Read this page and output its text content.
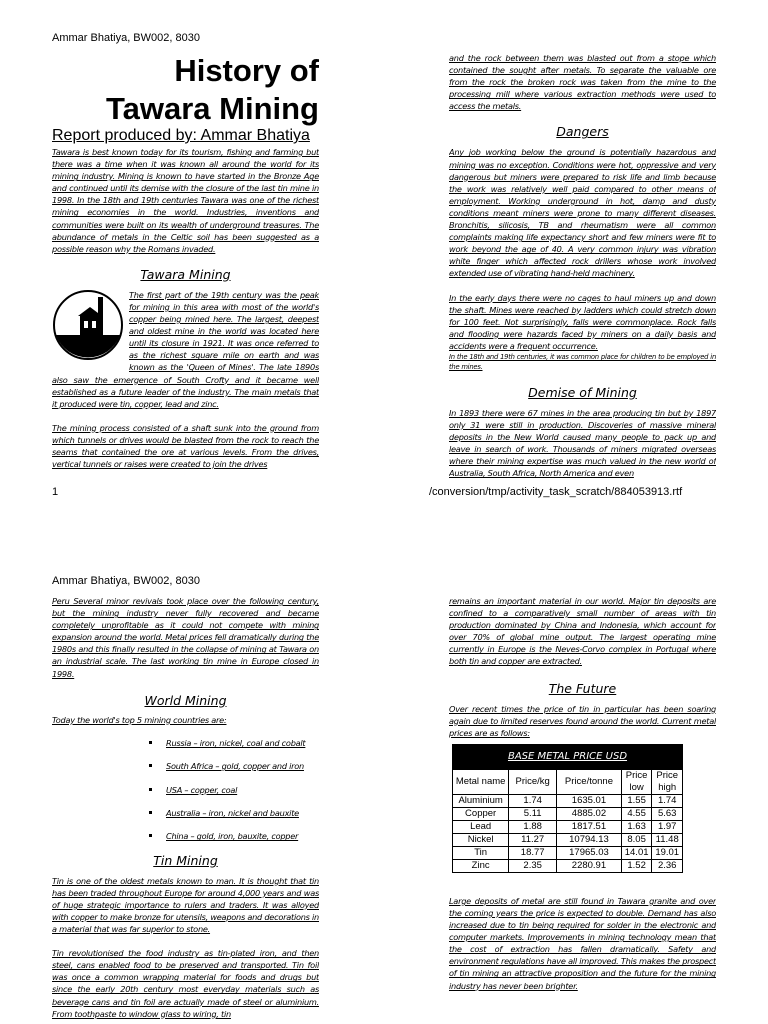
Ammar Bhatiya, BW002, 8030

History of
Tawara Mining

Report produced by: Ammar Bhatiya

Tawara is best known today for its tourism, fishing and farming but there was a time when it was known all around the world for its mining industry. Mining is known to have started in the Bronze Age and continued until its demise with the closure of the last tin mine in 1998. In the 18th and 19th centuries Tawara was one of the richest mining economies in the world. Industries, inventions and communities were built on its wealth of underground treasures. The abundance of metals in the Celtic soil has been suggested as a possible reason why the Romans invaded.

Tawara Mining

The first part of the 19th century was the peak for mining in this area with most of the world's copper being mined here. The largest, deepest and oldest mine in the world was located here until its closure in 1921. It was once referred to as the richest square mile on earth and was known as the 'Queen of Mines'. The late 1890s also saw the emergence of South Crofty and it became well established as a future leader of the industry. The main metals that it produced were tin, copper, lead and zinc.

The mining process consisted of a shaft sunk into the ground from which tunnels or drives would be blasted from the rock to reach the seams that contained the ore at various levels. From the drives, vertical tunnels or raises were created to join the drives

and the rock between them was blasted out from a stope which contained the sought after metals. To separate the valuable ore from the rock the broken rock was taken from the mine to the processing mill where various extraction methods were used to access the metals.

Dangers

Any job working below the ground is potentially hazardous and mining was no exception. Conditions were hot, oppressive and very dangerous but miners were prepared to risk life and limb because the work was relatively well paid compared to other means of employment. Working underground in hot, damp and dusty conditions meant miners were prone to many different diseases. Bronchitis, silicosis, TB and rheumatism were all common complaints making life expectancy short and few miners were fit to work beyond the age of 40. A very common injury was vibration white finger which affected rock drillers whose work involved extended use of vibrating hand-held machinery.

In the early days there were no cages to haul miners up and down the shaft. Mines were reached by ladders which could stretch down for 100 feet. Not surprisingly, falls were commonplace. Rock falls and flooding were hazards faced by miners on a daily basis and accidents were a frequent occurrence.

In the 18th and 19th centuries, it was common place for children to be employed in the mines.

Demise of Mining

In 1893 there were 67 mines in the area producing tin but by 1897 only 31 were still in production. Discoveries of massive mineral deposits in the New World caused many people to pack up and leave in search of work. Thousands of miners migrated overseas where their mining expertise was much valued in the new world of Australia, South Africa, North America and even

1	/conversion/tmp/activity_task_scratch/884053913.rtf
Ammar Bhatiya, BW002, 8030

Peru Several minor revivals took place over the following century, but the mining industry never fully recovered and became completely unprofitable as it could not compete with mining expansion around the world. Metal prices fell dramatically during the 1980s and this finally resulted in the collapse of mining at Tawara on an industrial scale. The last working tin mine in Europe closed in 1998.

World Mining

Today the world's top 5 mining countries are:

Russia – iron, nickel, coal and cobalt
South Africa – gold, copper and iron
USA – copper, coal
Australia – iron, nickel and bauxite
China – gold, iron, bauxite, copper

Tin Mining

Tin is one of the oldest metals known to man. It is thought that tin has been traded throughout Europe for around 4,000 years and was of huge strategic importance to rulers and traders. It was alloyed with copper to make bronze for utensils, weapons and decorations in a material that was far superior to stone.

Tin revolutionised the food industry as tin-plated iron, and then steel, cans enabled food to be preserved and transported. Tin foil was once a common wrapping material for foods and drugs but since the early 20th century most everyday materials such as beverage cans and tin foil are actually made of steel or aluminium. From toothpaste to window glass to wiring, tin

remains an important material in our world. Major tin deposits are confined to a comparatively small number of areas with tin production dominated by China and Indonesia, which account for over 70% of global mine output. The largest operating mine currently in Europe is the Neves-Corvo complex in Portugal where both tin and copper are extracted.

The Future

Over recent times the price of tin in particular has been soaring again due to limited reserves found around the world. Current metal prices are as follows:

BASE METAL PRICE USD				
Metal name	Price/kg	Price/tonne	Price low	Price high
Aluminium	1.74	1635.01	1.55	1.74
Copper	5.11	4885.02	4.55	5.63
Lead	1.88	1817.51	1.63	1.97
Nickel	11.27	10794.13	8.05	11.48
Tin	18.77	17965.03	14.01	19.01
Zinc	2.35	2280.91	1.52	2.36

Large deposits of metal are still found in Tawara granite and over the coming years the price is expected to double. Demand has also increased due to tin being required for solder in the electronic and computer markets. Improvements in mining technology mean that the cost of extraction has fallen dramatically. Safety and environment regulations have all improved. This makes the prospect of tin mining an attractive proposition and the future for the mining industry has never been brighter.
